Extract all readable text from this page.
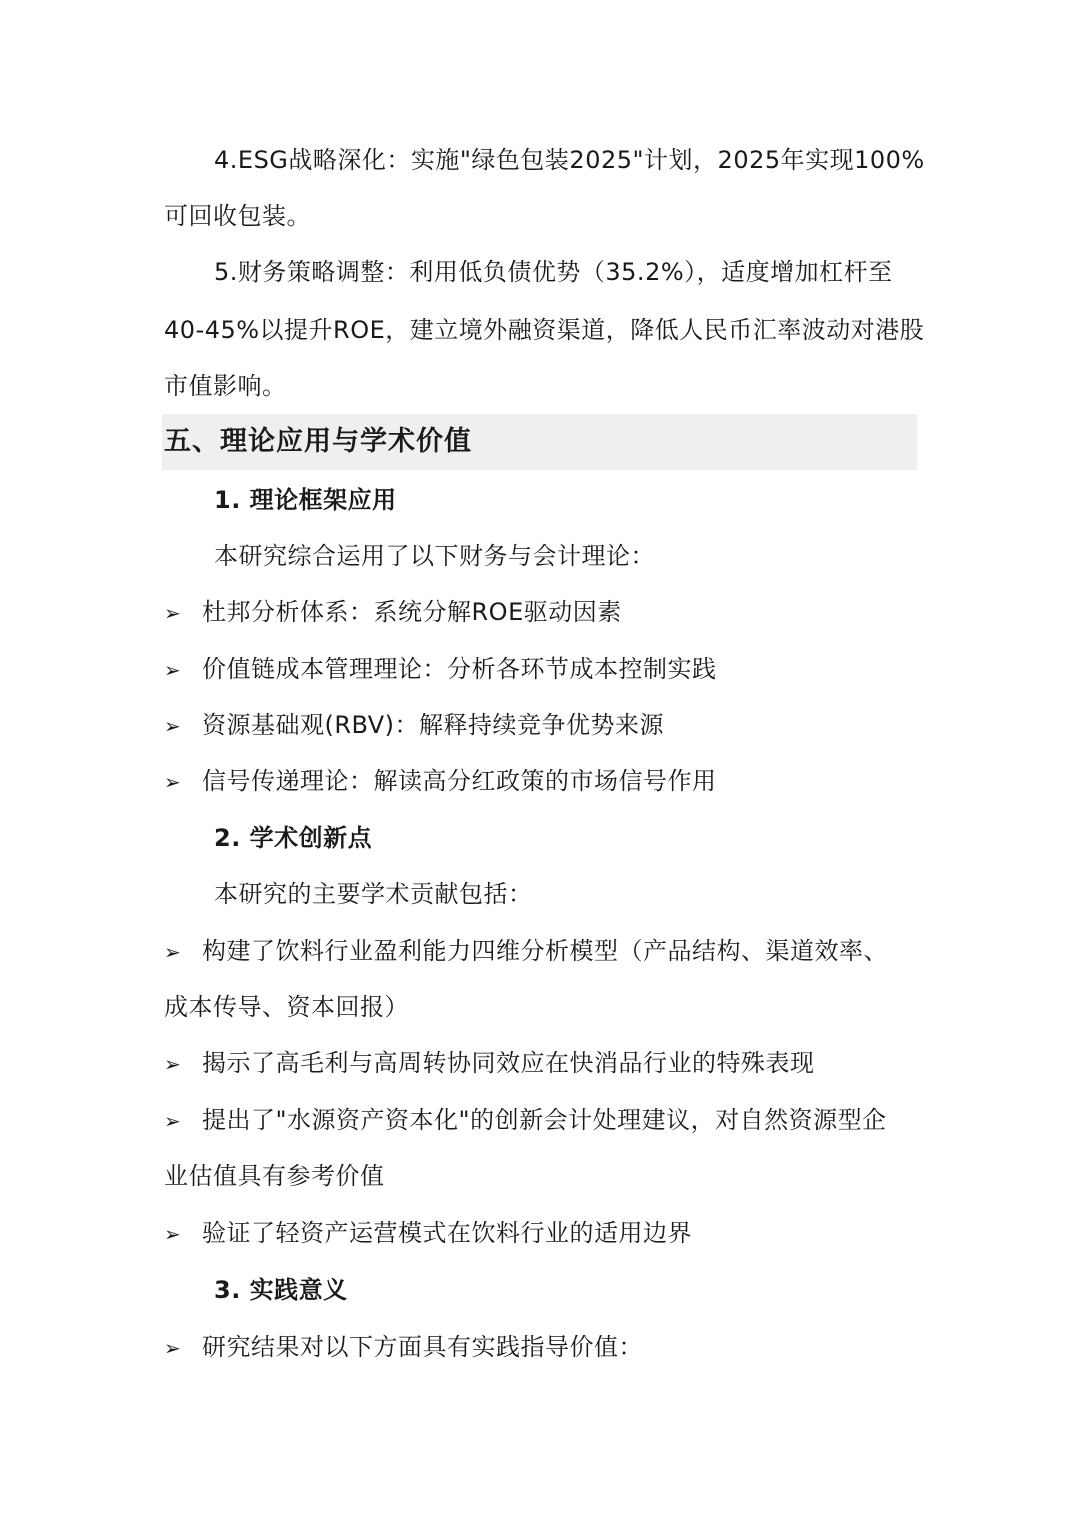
4.ESG战略深化：实施"绿色包装2025"计划，2025年实现100%
可回收包装。
5.财务策略调整：利用低负债优势（35.2%），适度增加杠杆至
40-45%以提升ROE，建立境外融资渠道，降低人民币汇率波动对港股
市值影响。
五、理论应用与学术价值
1. 理论框架应用
本研究综合运用了以下财务与会计理论：
➢ 杜邦分析体系：系统分解ROE驱动因素
➢ 价值链成本管理理论：分析各环节成本控制实践
➢ 资源基础观(RBV)：解释持续竞争优势来源
➢ 信号传递理论：解读高分红政策的市场信号作用
2. 学术创新点
本研究的主要学术贡献包括：
➢ 构建了饮料行业盈利能力四维分析模型（产品结构、渠道效率、
成本传导、资本回报）
➢ 揭示了高毛利与高周转协同效应在快消品行业的特殊表现
➢ 提出了"水源资产资本化"的创新会计处理建议，对自然资源型企
业估值具有参考价值
➢ 验证了轻资产运营模式在饮料行业的适用边界
3. 实践意义
➢ 研究结果对以下方面具有实践指导价值：
